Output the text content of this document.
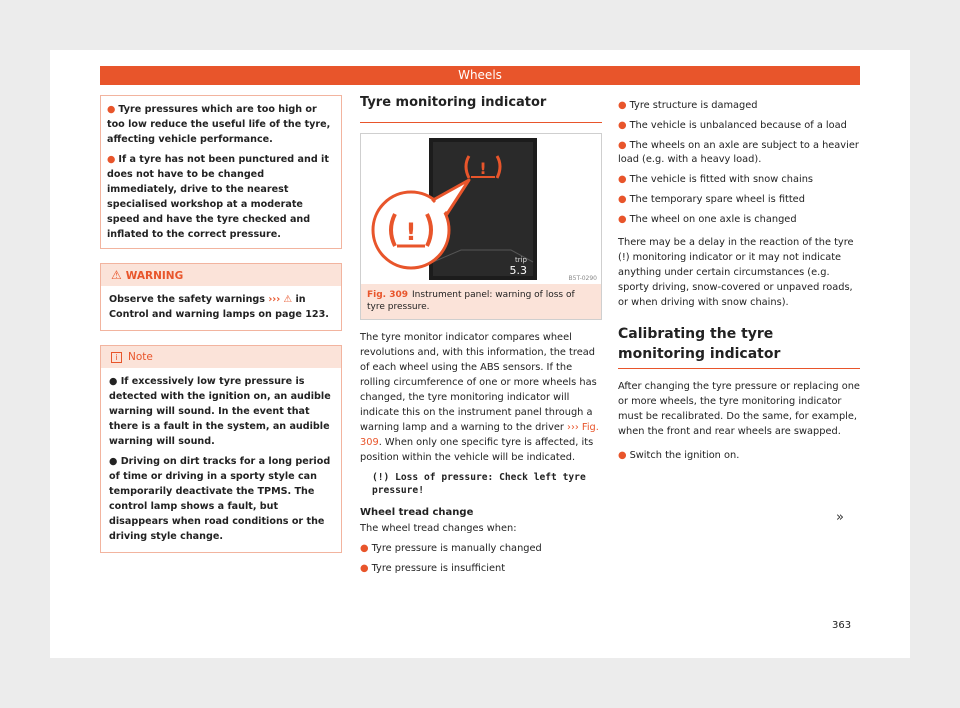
Wheels
● Tyre pressures which are too high or too low reduce the useful life of the tyre, affecting vehicle performance.
● If a tyre has not been punctured and it does not have to be changed immediately, drive to the nearest specialised workshop at a moderate speed and have the tyre checked and inflated to the correct pressure.
⚠ WARNING
Observe the safety warnings ››› ⚠ in Control and warning lamps on page 123.
i Note
● If excessively low tyre pressure is detected with the ignition on, an audible warning will sound. In the event that there is a fault in the system, an audible warning will sound.
● Driving on dirt tracks for a long period of time or driving in a sporty style can temporarily deactivate the TPMS. The control lamp shows a fault, but disappears when road conditions or the driving style change.
Tyre monitoring indicator
!
trip
5.3
!
B5T-0290
Fig. 309 Instrument panel: warning of loss of tyre pressure.
The tyre monitor indicator compares wheel revolutions and, with this information, the tread of each wheel using the ABS sensors. If the rolling circumference of one or more wheels has changed, the tyre monitoring indicator will indicate this on the instrument panel through a warning lamp and a warning to the driver ››› Fig. 309. When only one specific tyre is affected, its position within the vehicle will be indicated.
(!) Loss of pressure: Check left tyre pressure!
Wheel tread change
The wheel tread changes when:
● Tyre pressure is manually changed
● Tyre pressure is insufficient
● Tyre structure is damaged
● The vehicle is unbalanced because of a load
● The wheels on an axle are subject to a heavier load (e.g. with a heavy load).
● The vehicle is fitted with snow chains
● The temporary spare wheel is fitted
● The wheel on one axle is changed
There may be a delay in the reaction of the tyre (!) monitoring indicator or it may not indicate anything under certain circumstances (e.g. sporty driving, snow-covered or unpaved roads, or when driving with snow chains).
Calibrating the tyre monitoring indicator
After changing the tyre pressure or replacing one or more wheels, the tyre monitoring indicator must be recalibrated. Do the same, for example, when the front and rear wheels are swapped.
● Switch the ignition on.
»
363
